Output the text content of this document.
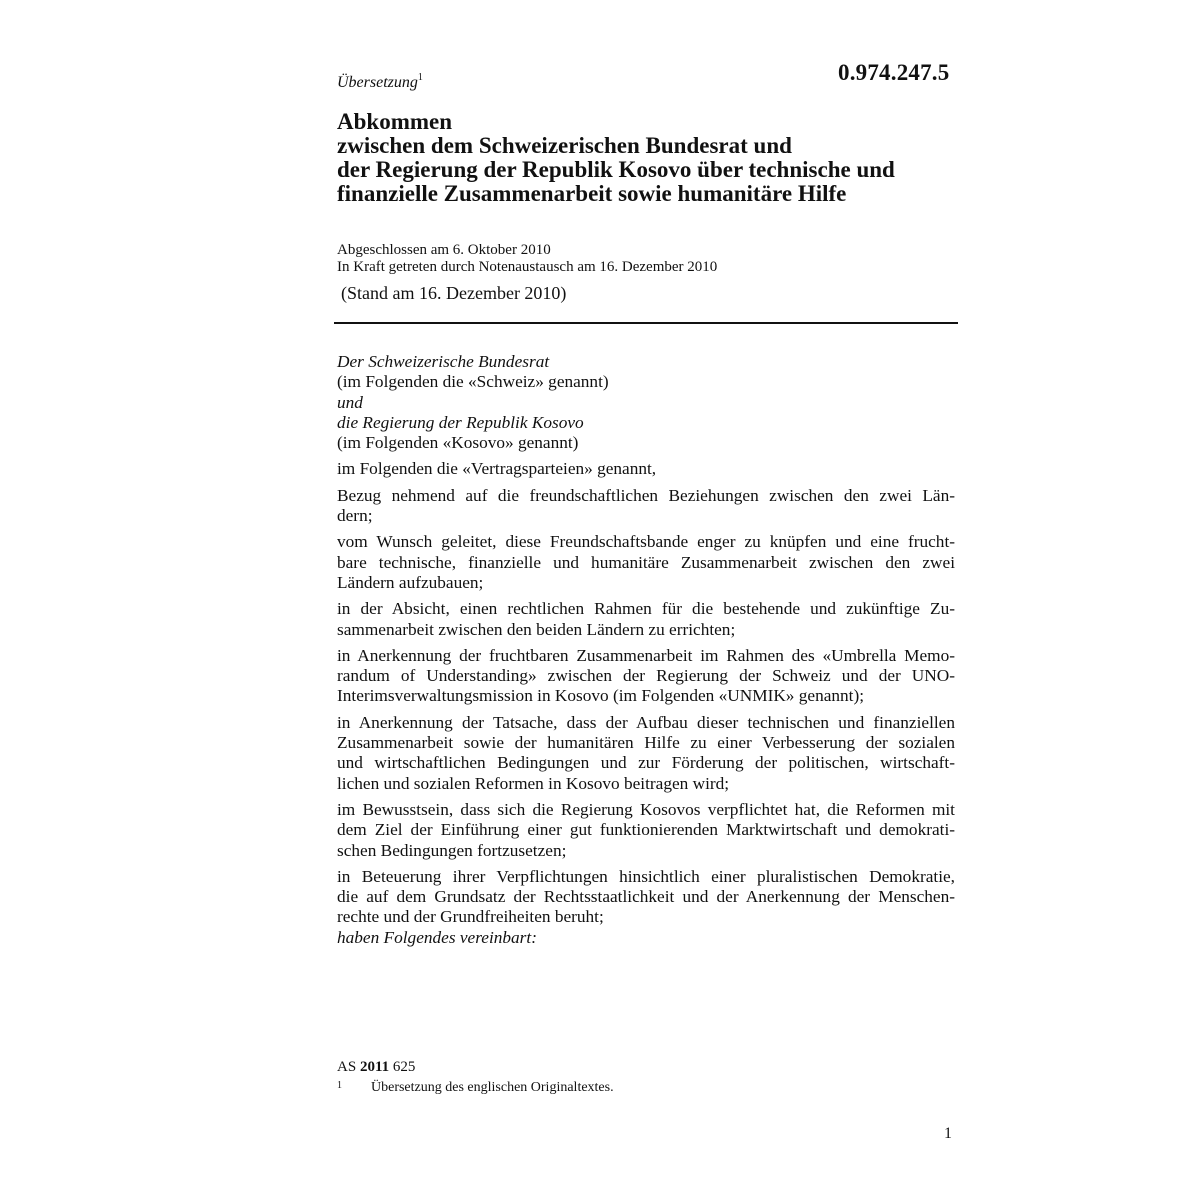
Übersetzung$^1$	0.974.247.5
Abkommen
zwischen dem Schweizerischen Bundesrat und
der Regierung der Republik Kosovo über technische und
finanzielle Zusammenarbeit sowie humanitäre Hilfe
Abgeschlossen am 6. Oktober 2010
In Kraft getreten durch Notenaustausch am 16. Dezember 2010
(Stand am 16. Dezember 2010)
Der Schweizerische Bundesrat
(im Folgenden die «Schweiz» genannt)
und
die Regierung der Republik Kosovo
(im Folgenden «Kosovo» genannt)
im Folgenden die «Vertragsparteien» genannt,
Bezug nehmend auf die freundschaftlichen Beziehungen zwischen den zwei Län-
dern;
vom Wunsch geleitet, diese Freundschaftsbande enger zu knüpfen und eine frucht-
bare technische, finanzielle und humanitäre Zusammenarbeit zwischen den zwei
Ländern aufzubauen;
in der Absicht, einen rechtlichen Rahmen für die bestehende und zukünftige Zu-
sammenarbeit zwischen den beiden Ländern zu errichten;
in Anerkennung der fruchtbaren Zusammenarbeit im Rahmen des «Umbrella Memo-
randum of Understanding» zwischen der Regierung der Schweiz und der UNO-
Interimsverwaltungsmission in Kosovo (im Folgenden «UNMIK» genannt);
in Anerkennung der Tatsache, dass der Aufbau dieser technischen und finanziellen
Zusammenarbeit sowie der humanitären Hilfe zu einer Verbesserung der sozialen
und wirtschaftlichen Bedingungen und zur Förderung der politischen, wirtschaft-
lichen und sozialen Reformen in Kosovo beitragen wird;
im Bewusstsein, dass sich die Regierung Kosovos verpflichtet hat, die Reformen mit
dem Ziel der Einführung einer gut funktionierenden Marktwirtschaft und demokrati-
schen Bedingungen fortzusetzen;
in Beteuerung ihrer Verpflichtungen hinsichtlich einer pluralistischen Demokratie,
die auf dem Grundsatz der Rechtsstaatlichkeit und der Anerkennung der Menschen-
rechte und der Grundfreiheiten beruht;
haben Folgendes vereinbart:
AS 2011 625
$^1$ Übersetzung des englischen Originaltextes.
1
